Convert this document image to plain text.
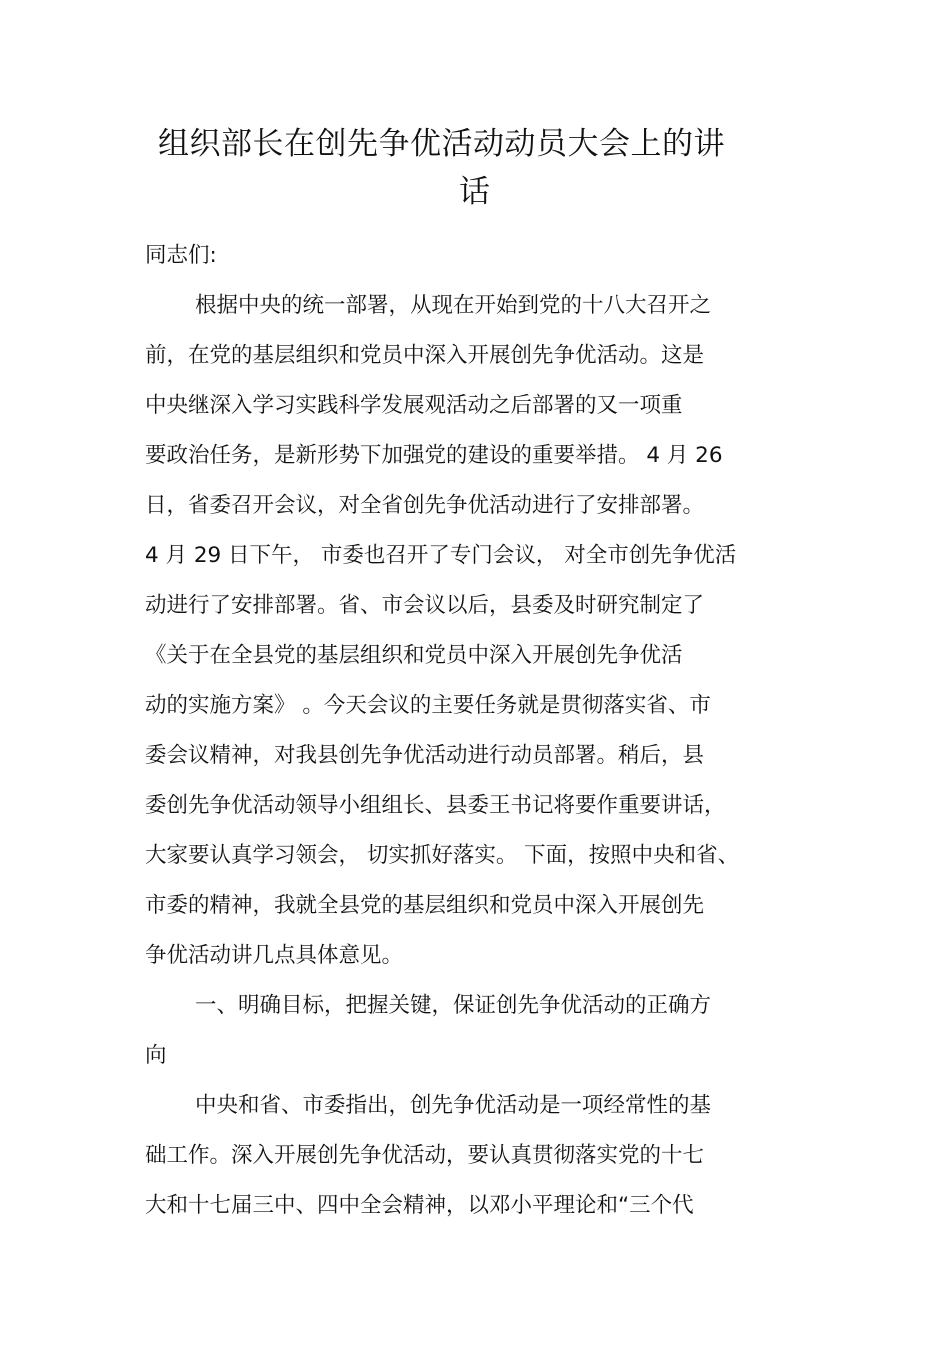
组织部长在创先争优活动动员大会上的讲
话
同志们:
根据中央的统一部署，从现在开始到党的十八大召开之
前，在党的基层组织和党员中深入开展创先争优活动。这是
中央继深入学习实践科学发展观活动之后部署的又一项重
要政治任务，是新形势下加强党的建设的重要举措。 4 月 26
日，省委召开会议，对全省创先争优活动进行了安排部署。
4 月 29 日下午， 市委也召开了专门会议， 对全市创先争优活
动进行了安排部署。省、市会议以后，县委及时研究制定了
《关于在全县党的基层组织和党员中深入开展创先争优活
动的实施方案》 。今天会议的主要任务就是贯彻落实省、市
委会议精神，对我县创先争优活动进行动员部署。稍后，县
委创先争优活动领导小组组长、县委王书记将要作重要讲话，
大家要认真学习领会， 切实抓好落实。 下面，按照中央和省、
市委的精神，我就全县党的基层组织和党员中深入开展创先
争优活动讲几点具体意见。
一、明确目标，把握关键，保证创先争优活动的正确方
向
中央和省、市委指出，创先争优活动是一项经常性的基
础工作。深入开展创先争优活动，要认真贯彻落实党的十七
大和十七届三中、四中全会精神，以邓小平理论和“三个代
